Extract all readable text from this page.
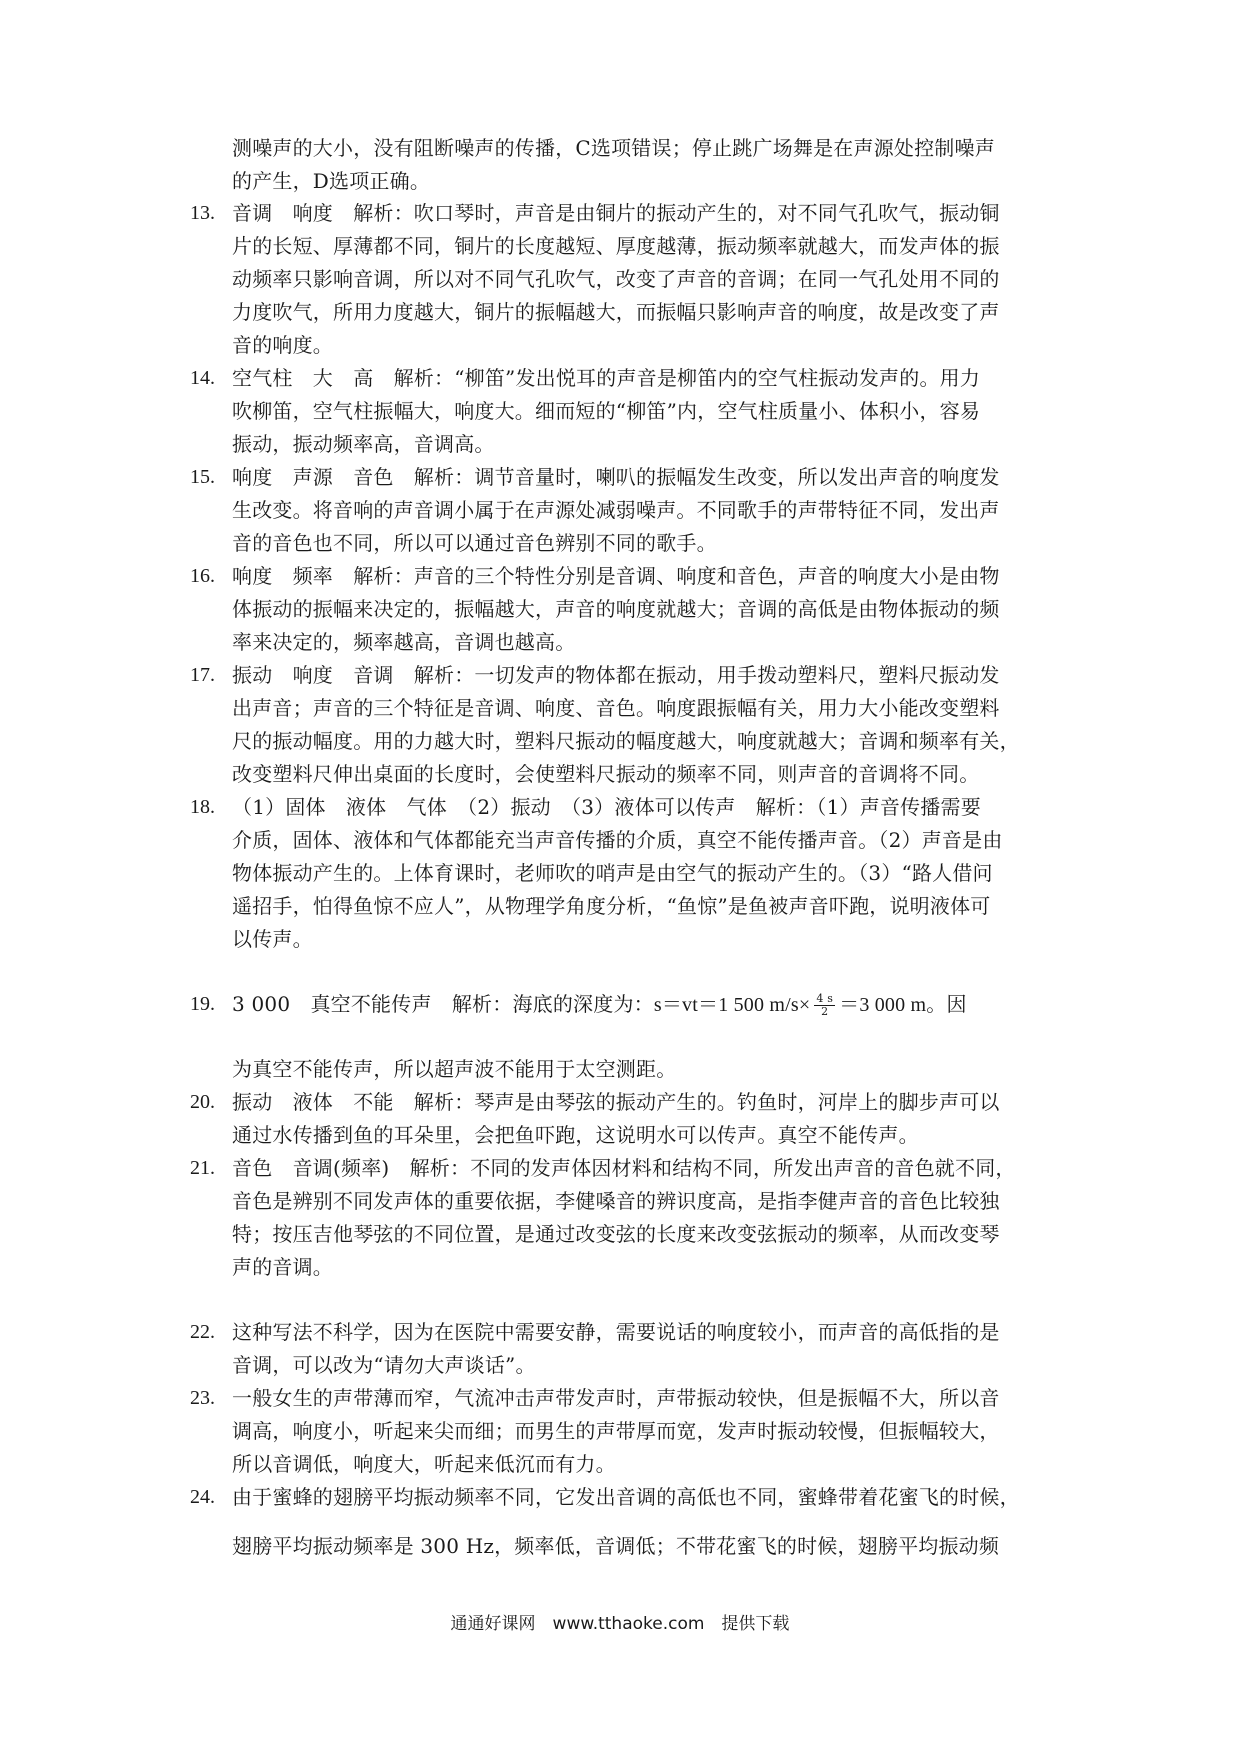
测噪声的大小，没有阻断噪声的传播，C选项错误；停止跳广场舞是在声源处控制噪声
的产生，D选项正确。
13. 音调　响度　解析：吹口琴时，声音是由铜片的振动产生的，对不同气孔吹气，振动铜
片的长短、厚薄都不同，铜片的长度越短、厚度越薄，振动频率就越大，而发声体的振
动频率只影响音调，所以对不同气孔吹气，改变了声音的音调；在同一气孔处用不同的
力度吹气，所用力度越大，铜片的振幅越大，而振幅只影响声音的响度，故是改变了声
音的响度。
14. 空气柱　大　高　解析：“柳笛”发出悦耳的声音是柳笛内的空气柱振动发声的。用力
吹柳笛，空气柱振幅大，响度大。细而短的“柳笛”内，空气柱质量小、体积小，容易
振动，振动频率高，音调高。
15. 响度　声源　音色　解析：调节音量时，喇叭的振幅发生改变，所以发出声音的响度发
生改变。将音响的声音调小属于在声源处减弱噪声。不同歌手的声带特征不同，发出声
音的音色也不同，所以可以通过音色辨别不同的歌手。
16. 响度　频率　解析：声音的三个特性分别是音调、响度和音色，声音的响度大小是由物
体振动的振幅来决定的，振幅越大，声音的响度就越大；音调的高低是由物体振动的频
率来决定的，频率越高，音调也越高。
17. 振动　响度　音调　解析：一切发声的物体都在振动，用手拨动塑料尺，塑料尺振动发
出声音；声音的三个特征是音调、响度、音色。响度跟振幅有关，用力大小能改变塑料
尺的振动幅度。用的力越大时，塑料尺振动的幅度越大，响度就越大；音调和频率有关，
改变塑料尺伸出桌面的长度时，会使塑料尺振动的频率不同，则声音的音调将不同。
18. （1）固体　液体　气体　（2）振动　（3）液体可以传声　解析：（1）声音传播需要
介质，固体、液体和气体都能充当声音传播的介质，真空不能传播声音。（2）声音是由
物体振动产生的。上体育课时，老师吹的哨声是由空气的振动产生的。（3）“路人借问
遥招手，怕得鱼惊不应人”，从物理学角度分析，“鱼惊”是鱼被声音吓跑，说明液体可
以传声。
19. 3 000　真空不能传声　解析：海底的深度为：s＝vt＝1 500 $m/s\times \frac{4 s}{2} =3$ 000 m。因
为真空不能传声，所以超声波不能用于太空测距。
20. 振动　液体　不能　解析：琴声是由琴弦的振动产生的。钓鱼时，河岸上的脚步声可以
通过水传播到鱼的耳朵里，会把鱼吓跑，这说明水可以传声。真空不能传声。
21. 音色　音调(频率)　解析：不同的发声体因材料和结构不同，所发出声音的音色就不同，
音色是辨别不同发声体的重要依据，李健嗓音的辨识度高，是指李健声音的音色比较独
特；按压吉他琴弦的不同位置，是通过改变弦的长度来改变弦振动的频率，从而改变琴
声的音调。
22. 这种写法不科学，因为在医院中需要安静，需要说话的响度较小，而声音的高低指的是
音调，可以改为“请勿大声谈话”。
23. 一般女生的声带薄而窄，气流冲击声带发声时，声带振动较快，但是振幅不大，所以音
调高，响度小，听起来尖而细；而男生的声带厚而宽，发声时振动较慢，但振幅较大，
所以音调低，响度大，听起来低沉而有力。
24. 由于蜜蜂的翅膀平均振动频率不同，它发出音调的高低也不同，蜜蜂带着花蜜飞的时候，
翅膀平均振动频率是 300 Hz，频率低，音调低；不带花蜜飞的时候，翅膀平均振动频
通通好课网　www.tthaoke.com　提供下载
